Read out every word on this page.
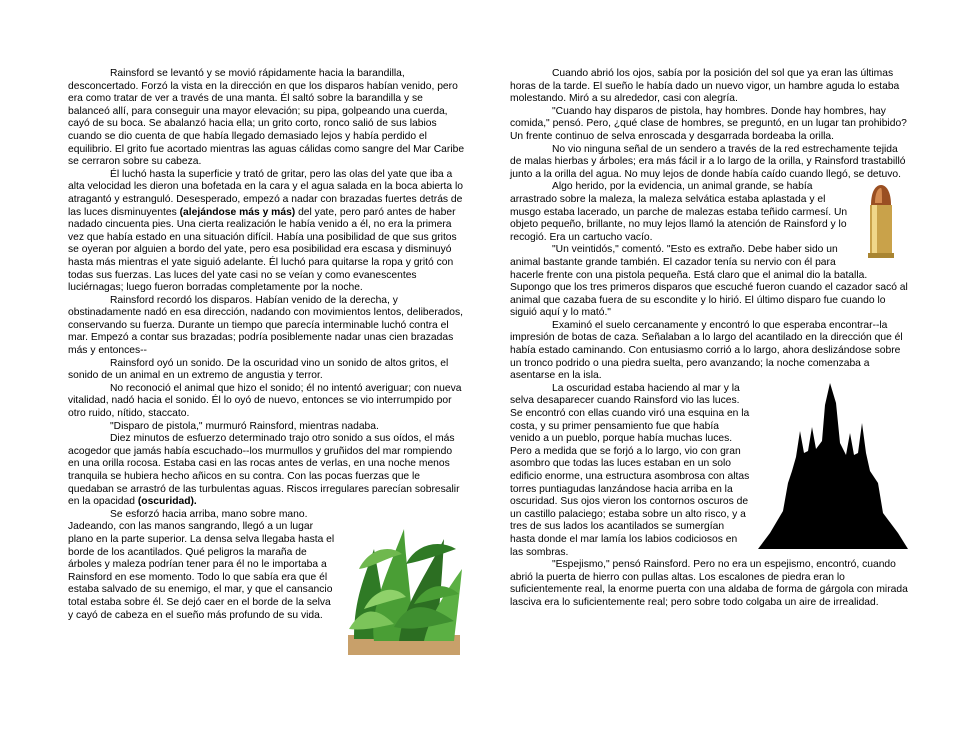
Rainsford se levantó y se movió rápidamente hacia la barandilla, desconcertado. Forzó la vista en la dirección en que los disparos habían venido, pero era como tratar de ver a través de una manta. Él saltó sobre la barandilla y se balanceó allí, para conseguir una mayor elevación; su pipa, golpeando una cuerda, cayó de su boca. Se abalanzó hacia ella; un grito corto, ronco salió de sus labios cuando se dio cuenta de que había llegado demasiado lejos y había perdido el equilibrio. El grito fue acortado mientras las aguas cálidas como sangre del Mar Caribe se cerraron sobre su cabeza.

Él luchó hasta la superficie y trató de gritar, pero las olas del yate que iba a alta velocidad les dieron una bofetada en la cara y el agua salada en la boca abierta lo atragantó y estranguló. Desesperado, empezó a nadar con brazadas fuertes detrás de las luces disminuyentes (alejándose más y más) del yate, pero paró antes de haber nadado cincuenta pies. Una cierta realización le había venido a él, no era la primera vez que había estado en una situación difícil. Había una posibilidad de que sus gritos se oyeran por alguien a bordo del yate, pero esa posibilidad era escasa y disminuyó hasta más mientras el yate siguió adelante. Él luchó para quitarse la ropa y gritó con todas sus fuerzas. Las luces del yate casi no se veían y como evanescentes luciérnagas; luego fueron borradas completamente por la noche.

Rainsford recordó los disparos. Habían venido de la derecha, y obstinadamente nadó en esa dirección, nadando con movimientos lentos, deliberados, conservando su fuerza. Durante un tiempo que parecía interminable luchó contra el mar. Empezó a contar sus brazadas; podría posiblemente nadar unas cien brazadas más y entonces--

Rainsford oyó un sonido. De la oscuridad vino un sonido de altos gritos, el sonido de un animal en un extremo de angustia y terror.

No reconoció el animal que hizo el sonido; él no intentó averiguar; con nueva vitalidad, nadó hacia el sonido. Él lo oyó de nuevo, entonces se vio interrumpido por otro ruido, nítido, staccato.

"Disparo de pistola," murmuró Rainsford, mientras nadaba.

Diez minutos de esfuerzo determinado trajo otro sonido a sus oídos, el más acogedor que jamás había escuchado--los murmullos y gruñidos del mar rompiendo en una orilla rocosa. Estaba casi en las rocas antes de verlas, en una noche menos tranquila se hubiera hecho añicos en su contra. Con las pocas fuerzas que le quedaban se arrastró de las turbulentas aguas. Riscos irregulares parecían sobresalir en la opacidad (oscuridad).

Se esforzó hacia arriba, mano sobre mano. Jadeando, con las manos sangrando, llegó a un lugar plano en la parte superior. La densa selva llegaba hasta el borde de los acantilados. Qué peligros la maraña de árboles y maleza podrían tener para él no le importaba a Rainsford en ese momento. Todo lo que sabía era que él estaba salvado de su enemigo, el mar, y que el cansancio total estaba sobre él. Se dejó caer en el borde de la selva y cayó de cabeza en el sueño más profundo de su vida.

Cuando abrió los ojos, sabía por la posición del sol que ya eran las últimas horas de la tarde. El sueño le había dado un nuevo vigor, un hambre aguda lo estaba molestando. Miró a su alrededor, casi con alegría.

"Cuando hay disparos de pistola, hay hombres. Donde hay hombres, hay comida," pensó. Pero, ¿qué clase de hombres, se preguntó, en un lugar tan prohibido? Un frente continuo de selva enroscada y desgarrada bordeaba la orilla.

No vio ninguna señal de un sendero a través de la red estrechamente tejida de malas hierbas y árboles; era más fácil ir a lo largo de la orilla, y Rainsford trastabilló junto a la orilla del agua. No muy lejos de donde había caído cuando llegó, se detuvo.

Algo herido, por la evidencia, un animal grande, se había arrastrado sobre la maleza, la maleza selvática estaba aplastada y el musgo estaba lacerado, un parche de malezas estaba teñido carmesí. Un objeto pequeño, brillante, no muy lejos llamó la atención de Rainsford y lo recogió. Era un cartucho vacío.

"Un veintidós," comentó. "Esto es extraño. Debe haber sido un animal bastante grande también. El cazador tenía su nervio con él para hacerle frente con una pistola pequeña. Está claro que el animal dio la batalla. Supongo que los tres primeros disparos que escuché fueron cuando el cazador sacó al animal que cazaba fuera de su escondite y lo hirió. El último disparo fue cuando lo siguió aquí y lo mató."

Examinó el suelo cercanamente y encontró lo que esperaba encontrar--la impresión de botas de caza. Señalaban a lo largo del acantilado en la dirección que él había estado caminando. Con entusiasmo corrió a lo largo, ahora deslizándose sobre un tronco podrido o una piedra suelta, pero avanzando; la noche comenzaba a asentarse en la isla.

La oscuridad estaba haciendo al mar y la selva desaparecer cuando Rainsford vio las luces. Se encontró con ellas cuando viró una esquina en la costa, y su primer pensamiento fue que había venido a un pueblo, porque había muchas luces. Pero a medida que se forjó a lo largo, vio con gran asombro que todas las luces estaban en un solo edificio enorme, una estructura asombrosa con altas torres puntiagudas lanzándose hacia arriba en la oscuridad. Sus ojos vieron los contornos oscuros de un castillo palaciego; estaba sobre un alto risco, y a tres de sus lados los acantilados se sumergían hasta donde el mar lamía los labios codiciosos en las sombras.

"Espejismo," pensó Rainsford. Pero no era un espejismo, encontró, cuando abrió la puerta de hierro con pullas altas. Los escalones de piedra eran lo suficientemente real, la enorme puerta con una aldaba de forma de gárgola con mirada lasciva era lo suficientemente real; pero sobre todo colgaba un aire de irrealidad.
